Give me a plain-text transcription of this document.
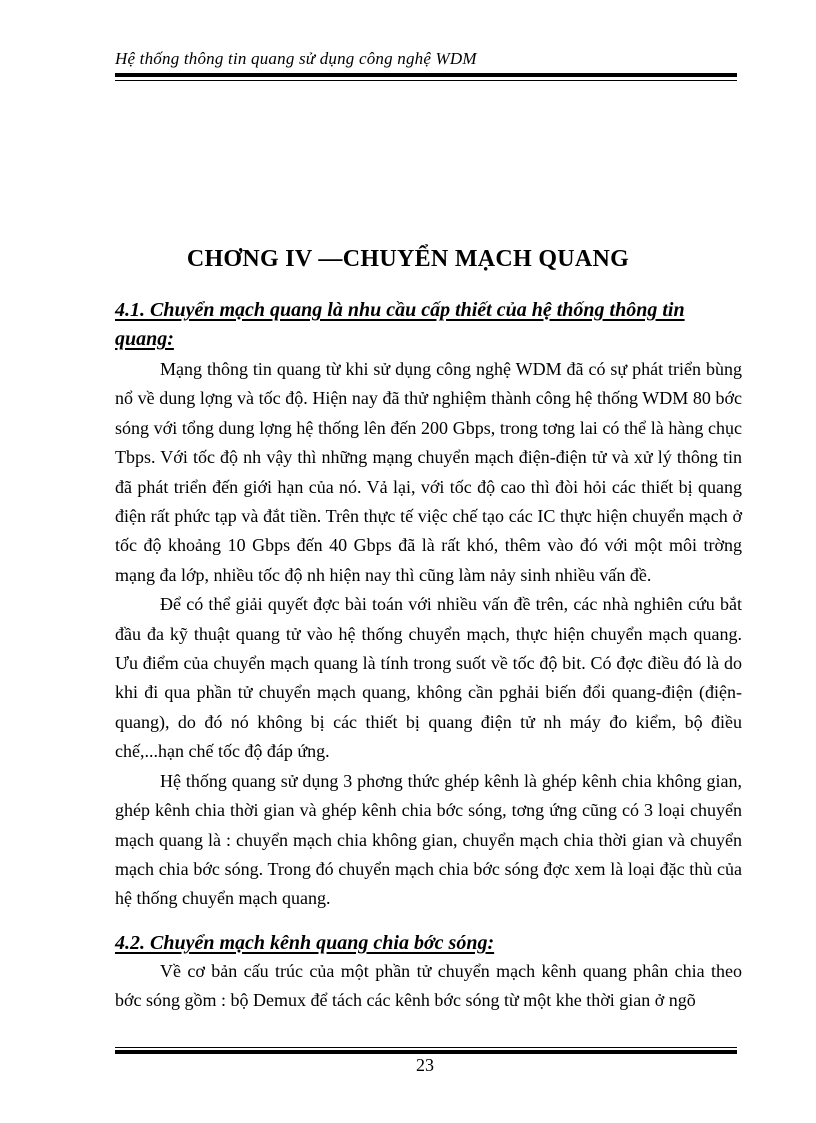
Hệ thống thông tin quang sử dụng công nghệ WDM
CHƠNG IV —CHUYỂN MẠCH QUANG
4.1. Chuyển mạch quang là nhu cầu cấp thiết của hệ thống thông tin quang:

Mạng thông tin quang từ khi sử dụng công nghệ WDM đã có sự phát triển bùng nổ về dung lợng và tốc độ. Hiện nay đã thử nghiệm thành công hệ thống WDM 80 bớc sóng với tổng dung lợng hệ thống lên đến 200 Gbps, trong tơng lai có thể là hàng chục Tbps. Với tốc độ nh vậy thì những mạng chuyển mạch điện-điện tử và xử lý thông tin đã phát triển đến giới hạn của nó. Vả lại, với tốc độ cao thì đòi hỏi các thiết bị quang điện rất phức tạp và đắt tiền. Trên thực tế việc chế tạo các IC thực hiện chuyển mạch ở tốc độ khoảng 10 Gbps đến 40 Gbps đã là rất khó, thêm vào đó với một môi trờng mạng đa lớp, nhiều tốc độ nh hiện nay thì cũng làm nảy sinh nhiều vấn đề.

Để có thể giải quyết đợc bài toán với nhiều vấn đề trên, các nhà nghiên cứu bắt đầu đa kỹ thuật quang tử vào hệ thống chuyển mạch, thực hiện chuyển mạch quang. Ưu điểm của chuyển mạch quang là tính trong suốt về tốc độ bit. Có đợc điều đó là do khi đi qua phần tử chuyển mạch quang, không cần pghải biến đổi quang-điện (điện-quang), do đó nó không bị các thiết bị quang điện tử nh máy đo kiểm, bộ điều chế,...hạn chế tốc độ đáp ứng.

Hệ thống quang sử dụng 3 phơng thức ghép kênh là ghép kênh chia không gian, ghép kênh chia thời gian và ghép kênh chia bớc sóng, tơng ứng cũng có 3 loại chuyển mạch quang là : chuyển mạch chia không gian, chuyển mạch chia thời gian và chuyển mạch chia bớc sóng. Trong đó chuyển mạch chia bớc sóng đợc xem là loại đặc thù của hệ thống chuyển mạch quang.

4.2. Chuyển mạch kênh quang chia bớc sóng:

Về cơ bản cấu trúc của một phần tử chuyển mạch kênh quang phân chia theo bớc sóng gồm : bộ Demux để tách các kênh bớc sóng từ một khe thời gian ở ngõ

23
